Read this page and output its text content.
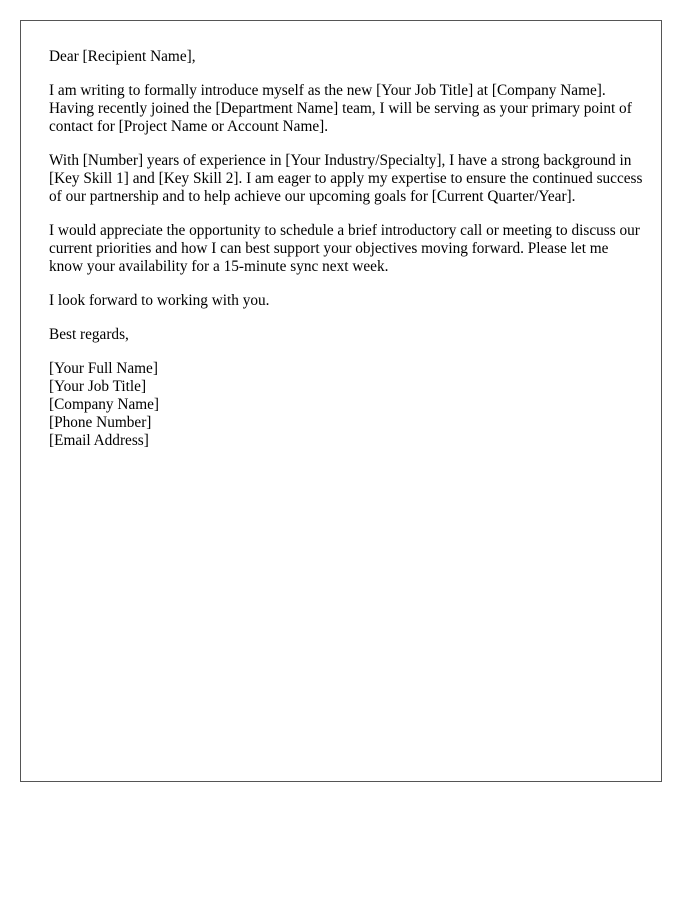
Dear [Recipient Name],

I am writing to formally introduce myself as the new [Your Job Title] at [Company Name]. Having recently joined the [Department Name] team, I will be serving as your primary point of contact for [Project Name or Account Name].

With [Number] years of experience in [Your Industry/Specialty], I have a strong background in [Key Skill 1] and [Key Skill 2]. I am eager to apply my expertise to ensure the continued success of our partnership and to help achieve our upcoming goals for [Current Quarter/Year].

I would appreciate the opportunity to schedule a brief introductory call or meeting to discuss our current priorities and how I can best support your objectives moving forward. Please let me know your availability for a 15-minute sync next week.

I look forward to working with you.

Best regards,

[Your Full Name]
[Your Job Title]
[Company Name]
[Phone Number]
[Email Address]
